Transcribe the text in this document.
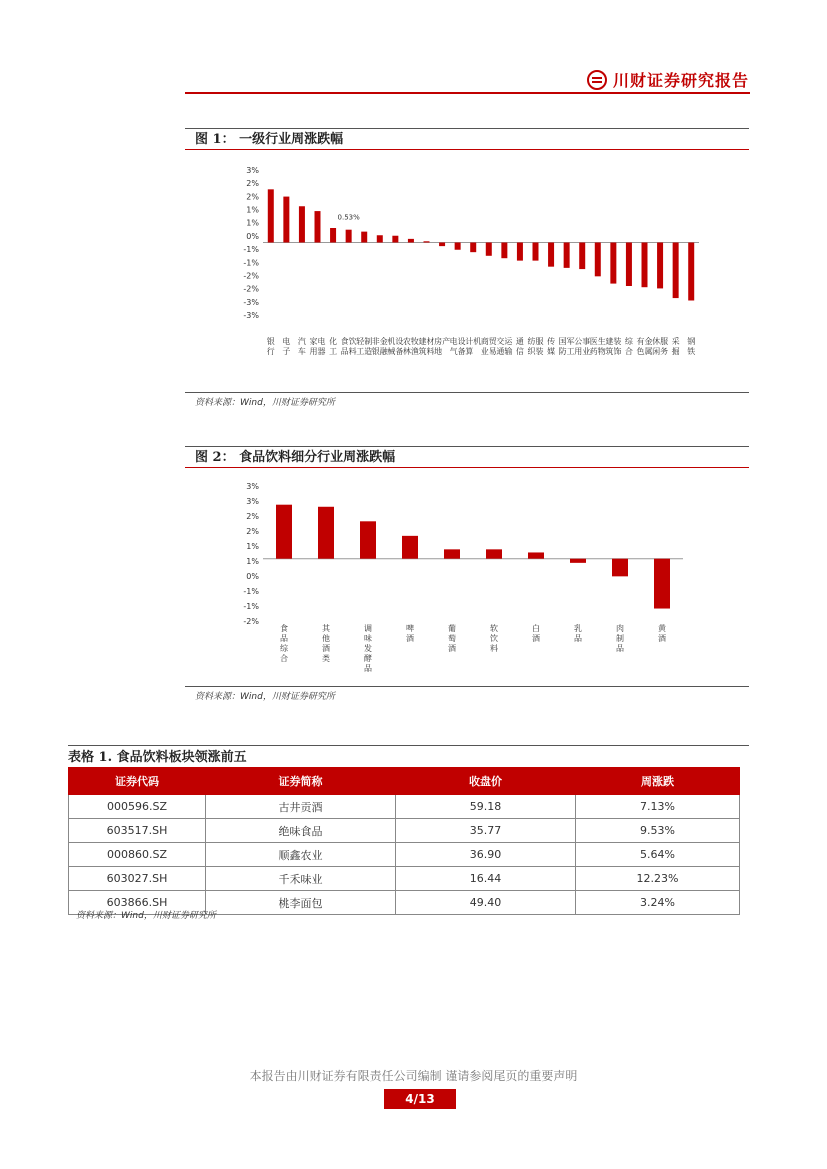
川财证券研究报告
图 1： 一级行业周涨跌幅
3%
2%
2%
1%
1%
0%
-1%
-1%
-2%
-2%
-3%
-3%
银
行
电
子
汽
车
家
用
电
器
化
工
食
品
饮
料
轻
工
制
造
非
银
金
融
机
械
设
备
农
林
牧
渔
建
筑
材
料
房
地
产 电
气
设
备
计
算
机 商
业
贸
易
交
通
运
输
通
信
纺
织
服
装
传
媒
国
防
军
工
公
用
事
业
医
药
生
物
建
筑
装
饰
综
合
有
色
金
属
休
闲
服
务
采
掘
钢
铁
0.53%
资料来源：Wind，川财证券研究所
图 2： 食品饮料细分行业周涨跌幅
3%
3%
2%
2%
1%
1%
0%
-1%
-1%
-2%
食
品
综
合
其
他
酒
类
调
味
发
酵
品
啤
酒
葡
萄
酒
软
饮
料
白
酒
乳
品
肉
制
品
黄
酒
资料来源：Wind，川财证券研究所
表格 1. 食品饮料板块领涨前五
证券代码	证券简称	收盘价	周涨跌
000596.SZ	古井贡酒	59.18	7.13%
603517.SH	绝味食品	35.77	9.53%
000860.SZ	顺鑫农业	36.90	5.64%
603027.SH	千禾味业	16.44	12.23%
603866.SH	桃李面包	49.40	3.24%
资料来源：Wind，川财证券研究所
本报告由川财证券有限责任公司编制 谨请参阅尾页的重要声明
4/13
